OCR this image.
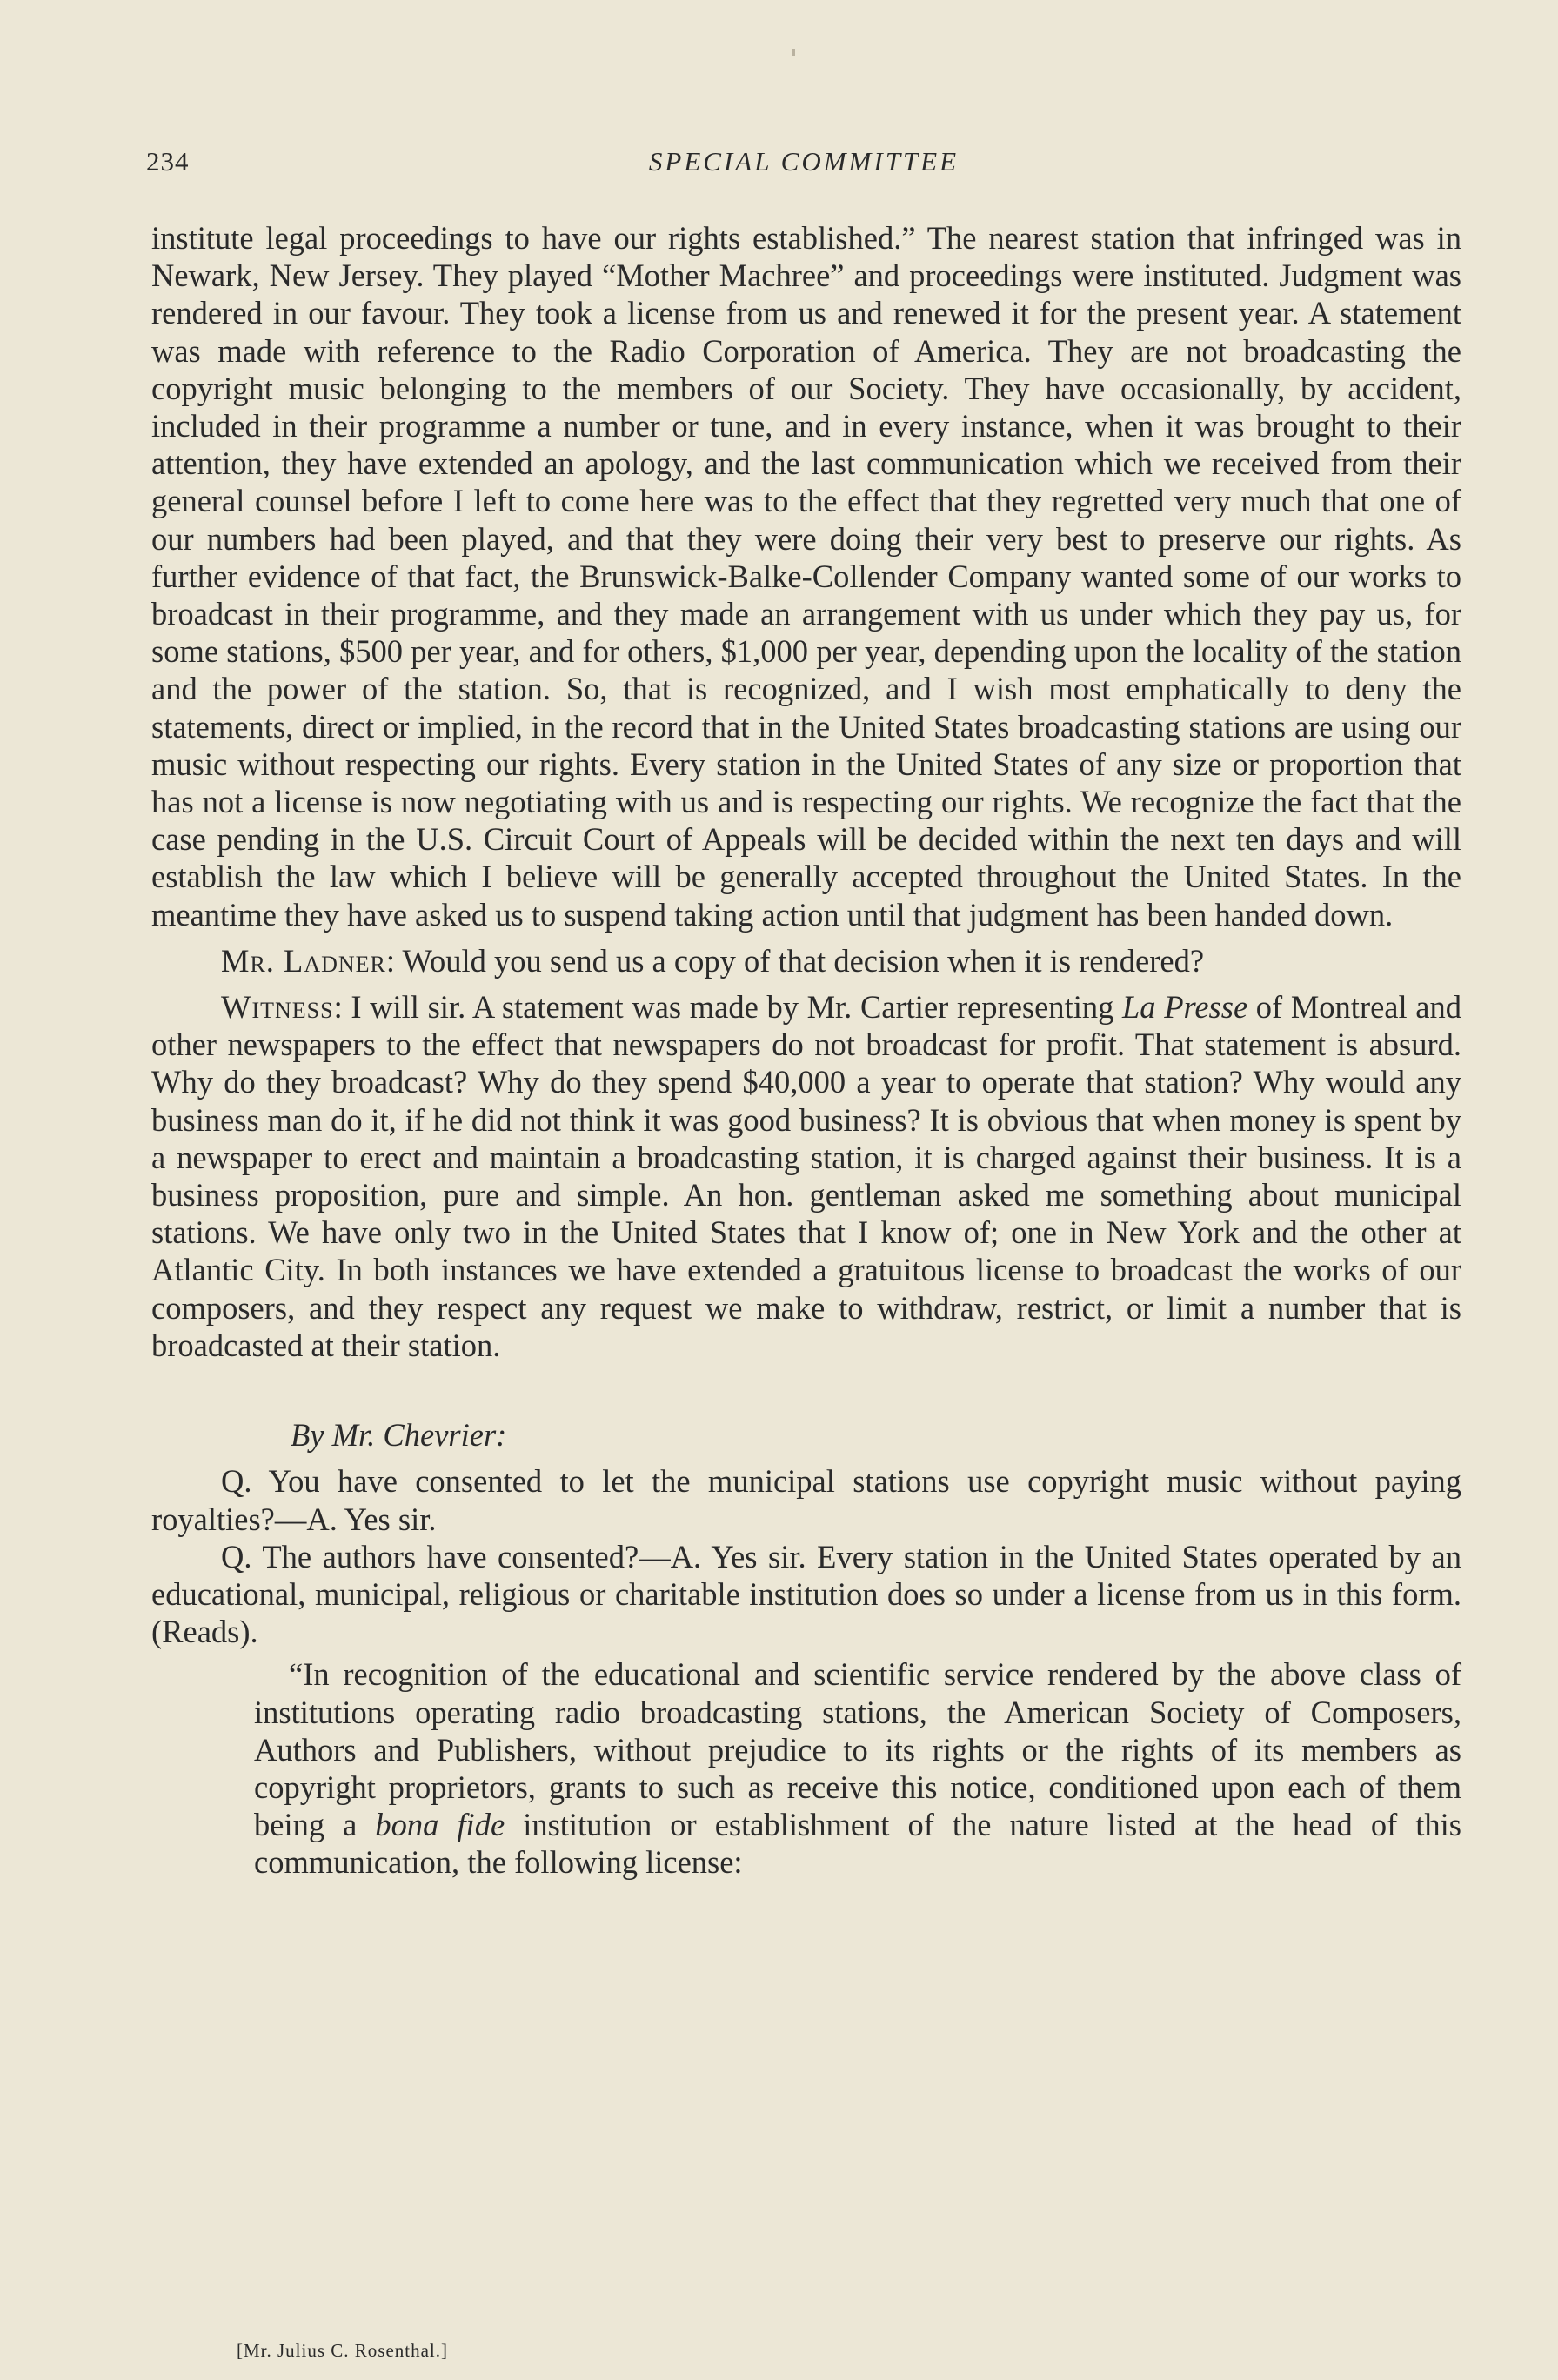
234	SPECIAL COMMITTEE

institute legal proceedings to have our rights established.” The nearest station that infringed was in Newark, New Jersey. They played “Mother Machree” and proceedings were instituted. Judgment was rendered in our favour. They took a license from us and renewed it for the present year. A statement was made with reference to the Radio Corporation of America. They are not broadcasting the copyright music belonging to the members of our Society. They have occasionally, by accident, included in their programme a number or tune, and in every instance, when it was brought to their attention, they have extended an apology, and the last communication which we received from their general counsel before I left to come here was to the effect that they regretted very much that one of our numbers had been played, and that they were doing their very best to preserve our rights. As further evidence of that fact, the Brunswick-Balke-Collender Company wanted some of our works to broadcast in their programme, and they made an arrangement with us under which they pay us, for some stations, $500 per year, and for others, $1,000 per year, depending upon the locality of the station and the power of the station. So, that is recognized, and I wish most emphatically to deny the statements, direct or implied, in the record that in the United States broadcasting stations are using our music without respecting our rights. Every station in the United States of any size or proportion that has not a license is now negotiating with us and is respecting our rights. We recognize the fact that the case pending in the U.S. Circuit Court of Appeals will be decided within the next ten days and will establish the law which I believe will be generally accepted throughout the United States. In the meantime they have asked us to suspend taking action until that judgment has been handed down.

Mr. Ladner: Would you send us a copy of that decision when it is rendered?

Witness: I will sir. A statement was made by Mr. Cartier representing La Presse of Montreal and other newspapers to the effect that newspapers do not broadcast for profit. That statement is absurd. Why do they broadcast? Why do they spend $40,000 a year to operate that station? Why would any business man do it, if he did not think it was good business? It is obvious that when money is spent by a newspaper to erect and maintain a broadcasting station, it is charged against their business. It is a business proposition, pure and simple. An hon. gentleman asked me something about municipal stations. We have only two in the United States that I know of; one in New York and the other at Atlantic City. In both instances we have extended a gratuitous license to broadcast the works of our composers, and they respect any request we make to withdraw, restrict, or limit a number that is broadcasted at their station.

By Mr. Chevrier:

Q. You have consented to let the municipal stations use copyright music without paying royalties?—A. Yes sir.

Q. The authors have consented?—A. Yes sir. Every station in the United States operated by an educational, municipal, religious or charitable institution does so under a license from us in this form. (Reads).

“In recognition of the educational and scientific service rendered by the above class of institutions operating radio broadcasting stations, the American Society of Composers, Authors and Publishers, without prejudice to its rights or the rights of its members as copyright proprietors, grants to such as receive this notice, conditioned upon each of them being a bona fide institution or establishment of the nature listed at the head of this communication, the following license:

[Mr. Julius C. Rosenthal.]
